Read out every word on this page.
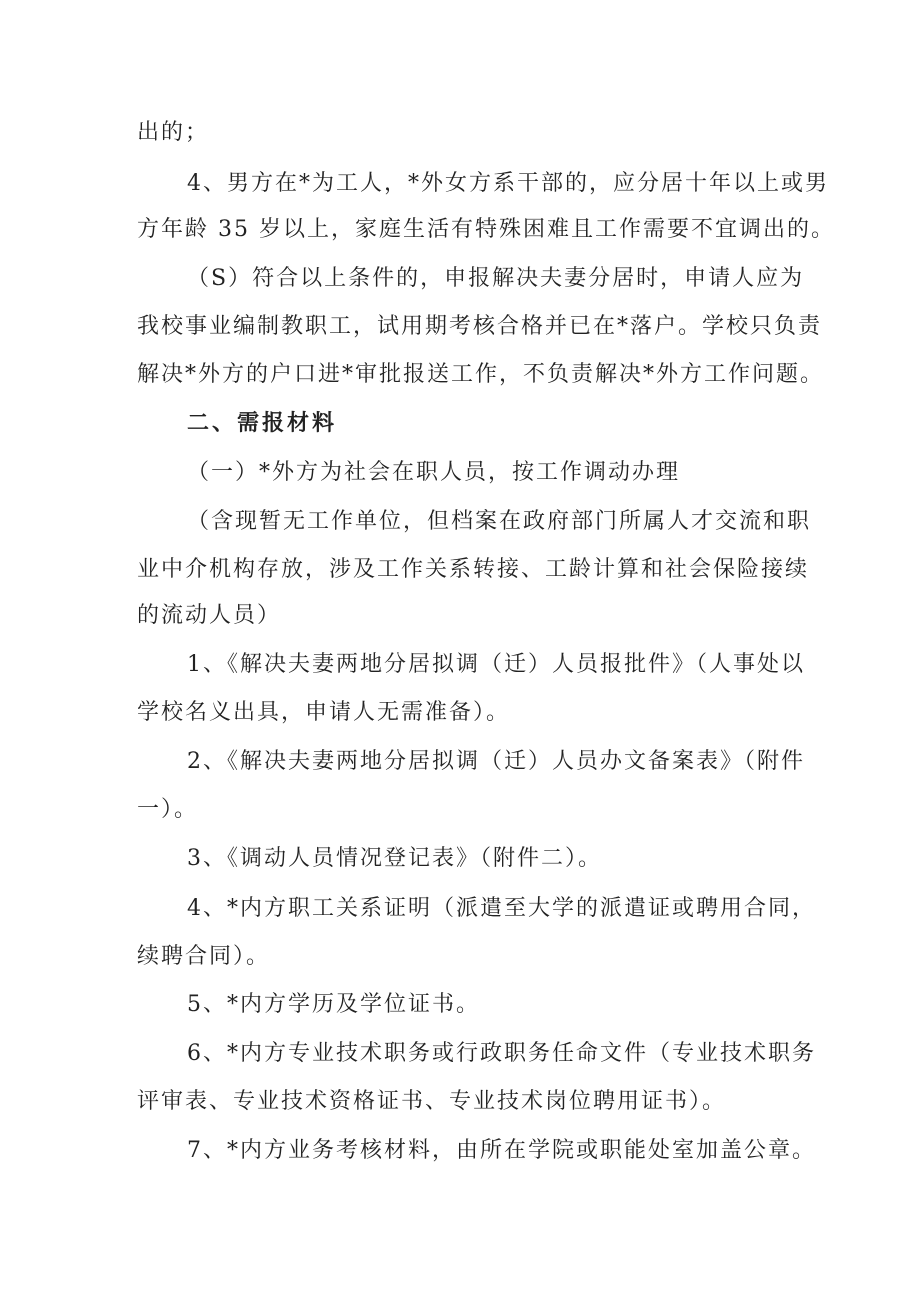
出的；
4、男方在*为工人，*外女方系干部的，应分居十年以上或男
方年龄 35 岁以上，家庭生活有特殊困难且工作需要不宜调出的。
（S）符合以上条件的，申报解决夫妻分居时，申请人应为
我校事业编制教职工，试用期考核合格并已在*落户。学校只负责
解决*外方的户口进*审批报送工作，不负责解决*外方工作问题。
二、需报材料
（一）*外方为社会在职人员，按工作调动办理
（含现暂无工作单位，但档案在政府部门所属人才交流和职
业中介机构存放，涉及工作关系转接、工龄计算和社会保险接续
的流动人员）
1、《解决夫妻两地分居拟调（迁）人员报批件》（人事处以
学校名义出具，申请人无需准备）。
2、《解决夫妻两地分居拟调（迁）人员办文备案表》（附件
一）。
3、《调动人员情况登记表》（附件二）。
4、*内方职工关系证明（派遣至大学的派遣证或聘用合同，
续聘合同）。
5、*内方学历及学位证书。
6、*内方专业技术职务或行政职务任命文件（专业技术职务
评审表、专业技术资格证书、专业技术岗位聘用证书）。
7、*内方业务考核材料，由所在学院或职能处室加盖公章。
